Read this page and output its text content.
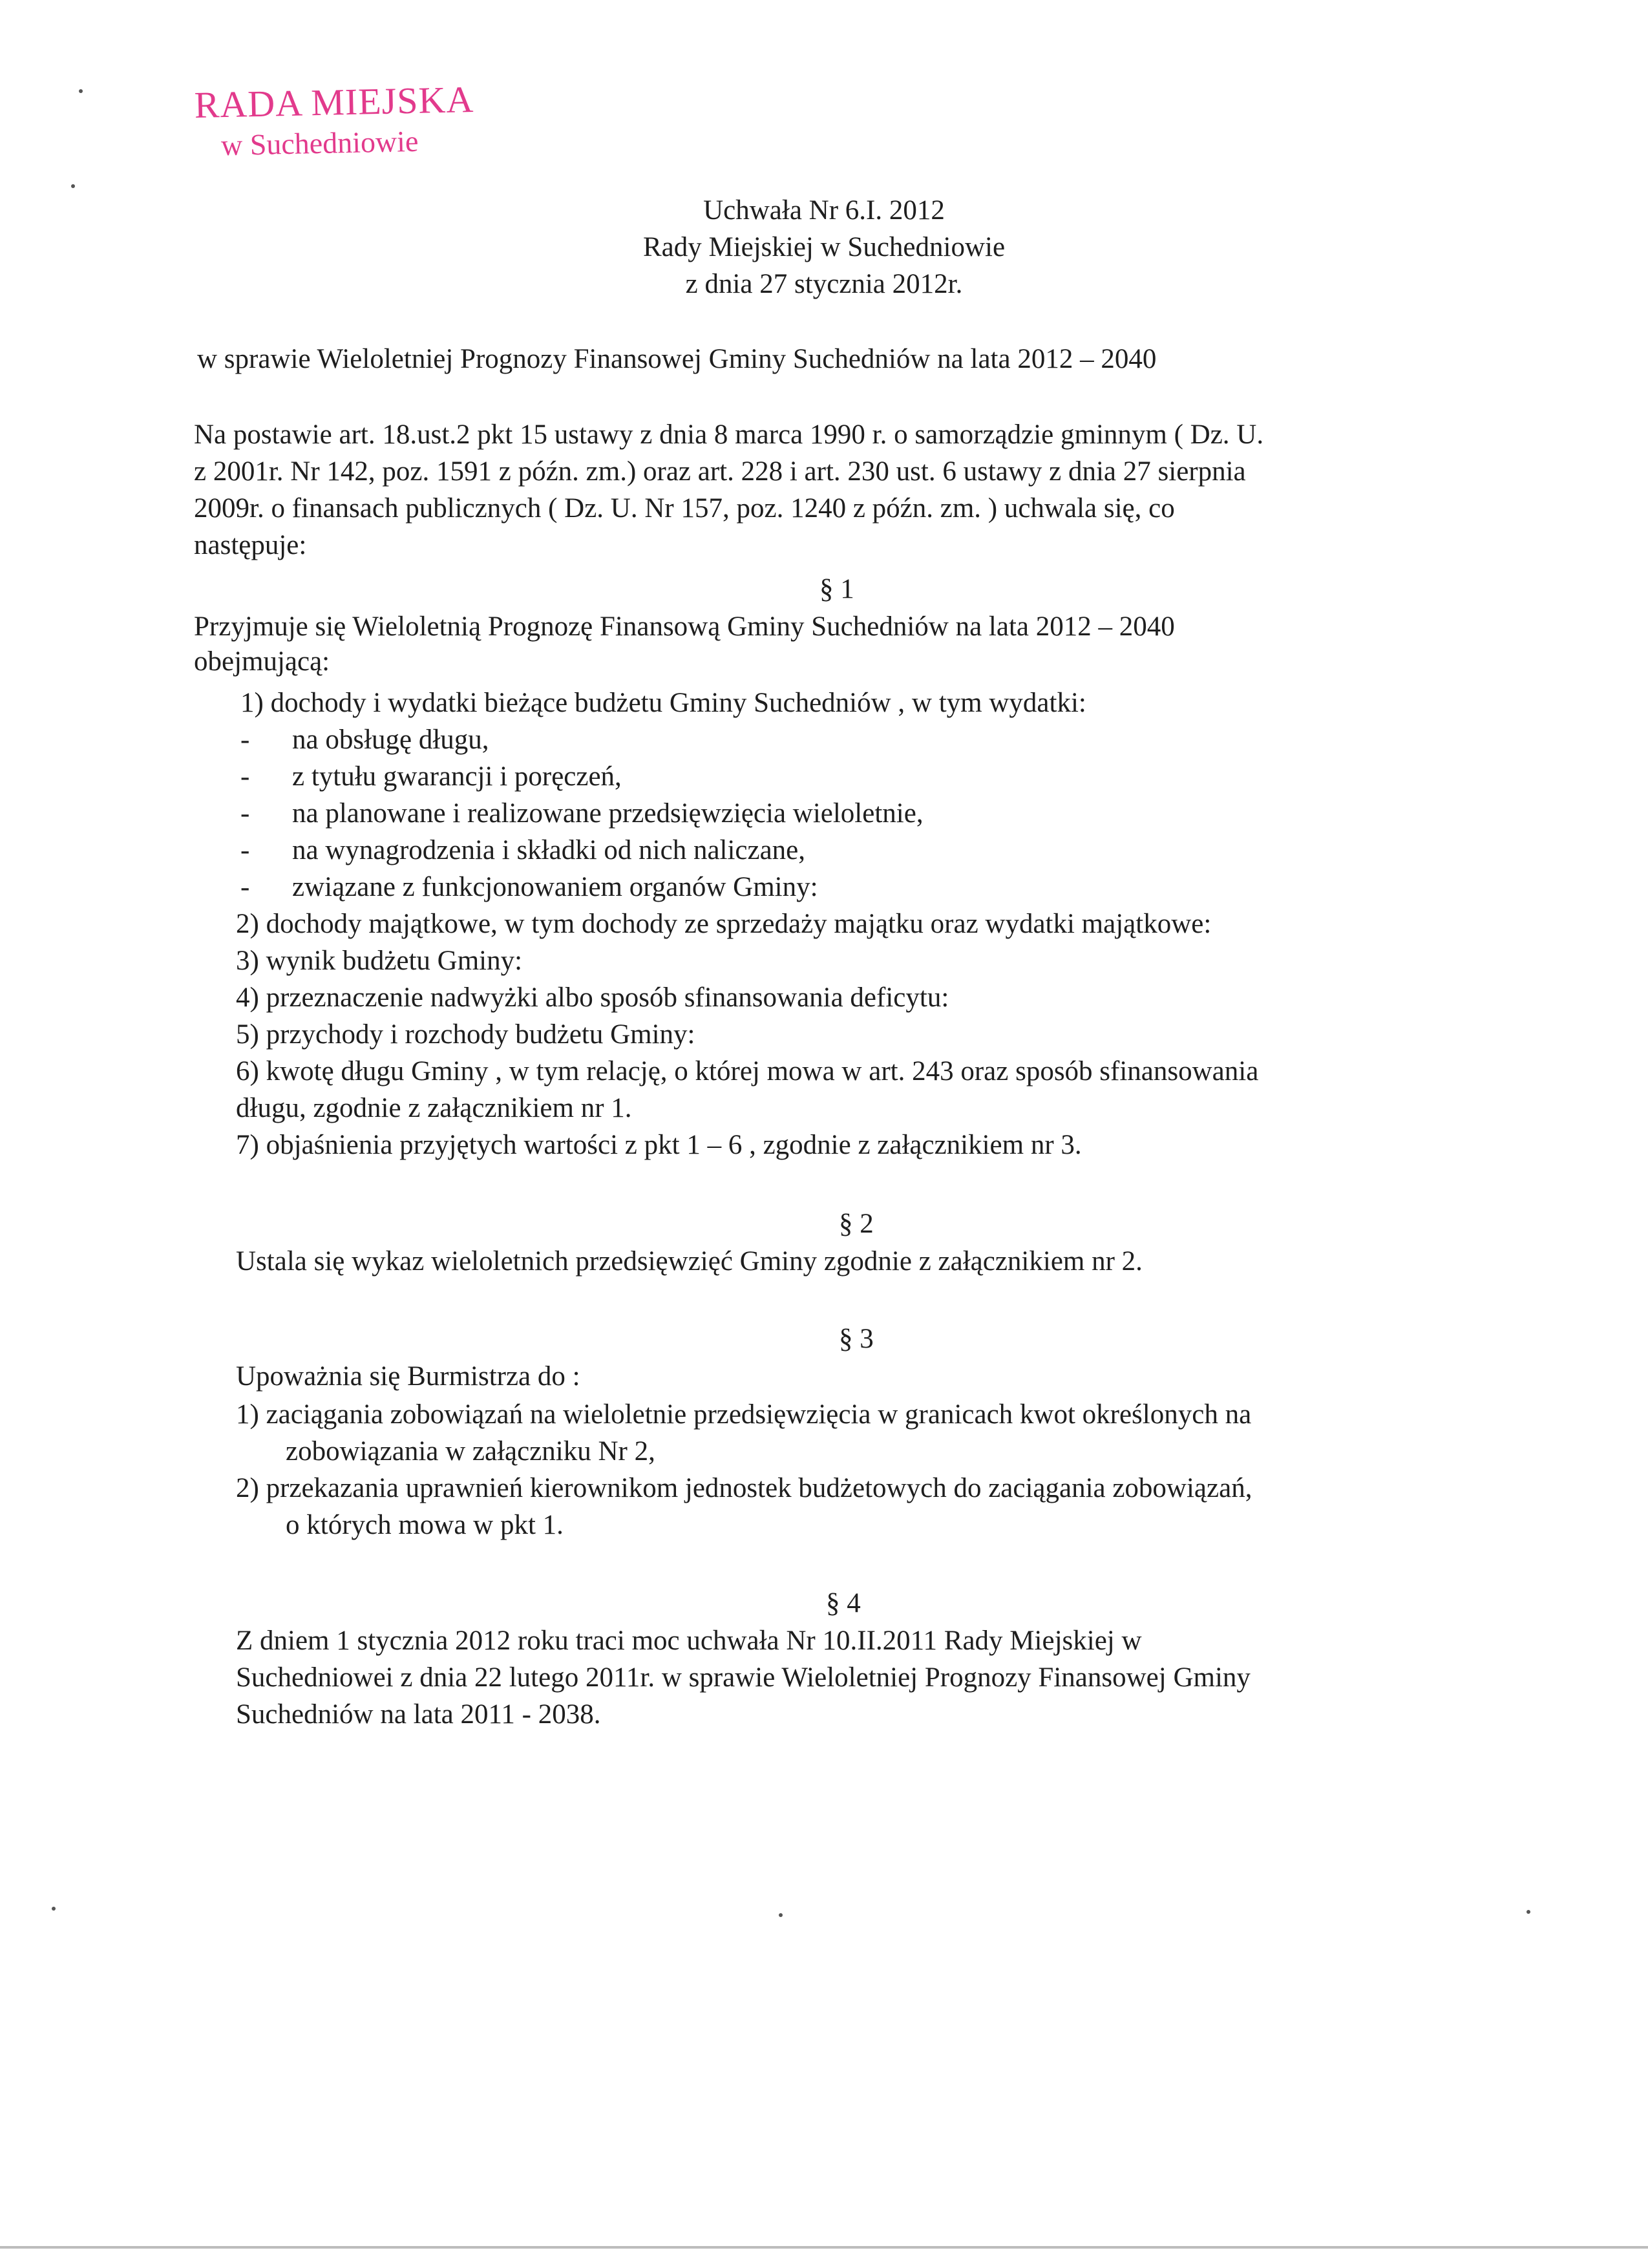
RADA MIEJSKA
w Suchedniowie
Uchwała Nr 6.I. 2012
Rady Miejskiej w Suchedniowie
z dnia 27 stycznia 2012r.
w sprawie Wieloletniej Prognozy Finansowej Gminy Suchedniów na lata 2012 – 2040
Na postawie art. 18.ust.2 pkt 15 ustawy z dnia 8 marca 1990 r. o samorządzie gminnym ( Dz. U.
z 2001r. Nr 142, poz. 1591 z późn. zm.) oraz art. 228 i art. 230 ust. 6 ustawy z dnia 27 sierpnia
2009r. o finansach publicznych ( Dz. U. Nr 157, poz. 1240 z późn. zm. ) uchwala się, co
następuje:
§ 1
Przyjmuje się Wieloletnią Prognozę Finansową Gminy Suchedniów na lata 2012 – 2040
obejmującą:
1) dochody i wydatki bieżące budżetu Gminy Suchedniów , w tym wydatki:
- na obsługę długu,
- z tytułu gwarancji i poręczeń,
- na planowane i realizowane przedsięwzięcia wieloletnie,
- na wynagrodzenia i składki od nich naliczane,
- związane z funkcjonowaniem organów Gminy:
2) dochody majątkowe, w tym dochody ze sprzedaży majątku oraz wydatki majątkowe:
3) wynik budżetu Gminy:
4) przeznaczenie nadwyżki albo sposób sfinansowania deficytu:
5) przychody i rozchody budżetu Gminy:
6) kwotę długu Gminy , w tym relację, o której mowa w art. 243 oraz sposób sfinansowania
długu, zgodnie z załącznikiem nr 1.
7) objaśnienia przyjętych wartości z pkt 1 – 6 , zgodnie z załącznikiem nr 3.
§ 2
Ustala się wykaz wieloletnich przedsięwzięć Gminy zgodnie z załącznikiem nr 2.
§ 3
Upoważnia się Burmistrza do :
1) zaciągania zobowiązań na wieloletnie przedsięwzięcia w granicach kwot określonych na
zobowiązania w załączniku Nr 2,
2) przekazania uprawnień kierownikom jednostek budżetowych do zaciągania zobowiązań,
o których mowa w pkt 1.
§ 4
Z dniem 1 stycznia 2012 roku traci moc uchwała Nr 10.II.2011 Rady Miejskiej w
Suchedniowei z dnia 22 lutego 2011r. w sprawie Wieloletniej Prognozy Finansowej Gminy
Suchedniów na lata 2011 - 2038.
